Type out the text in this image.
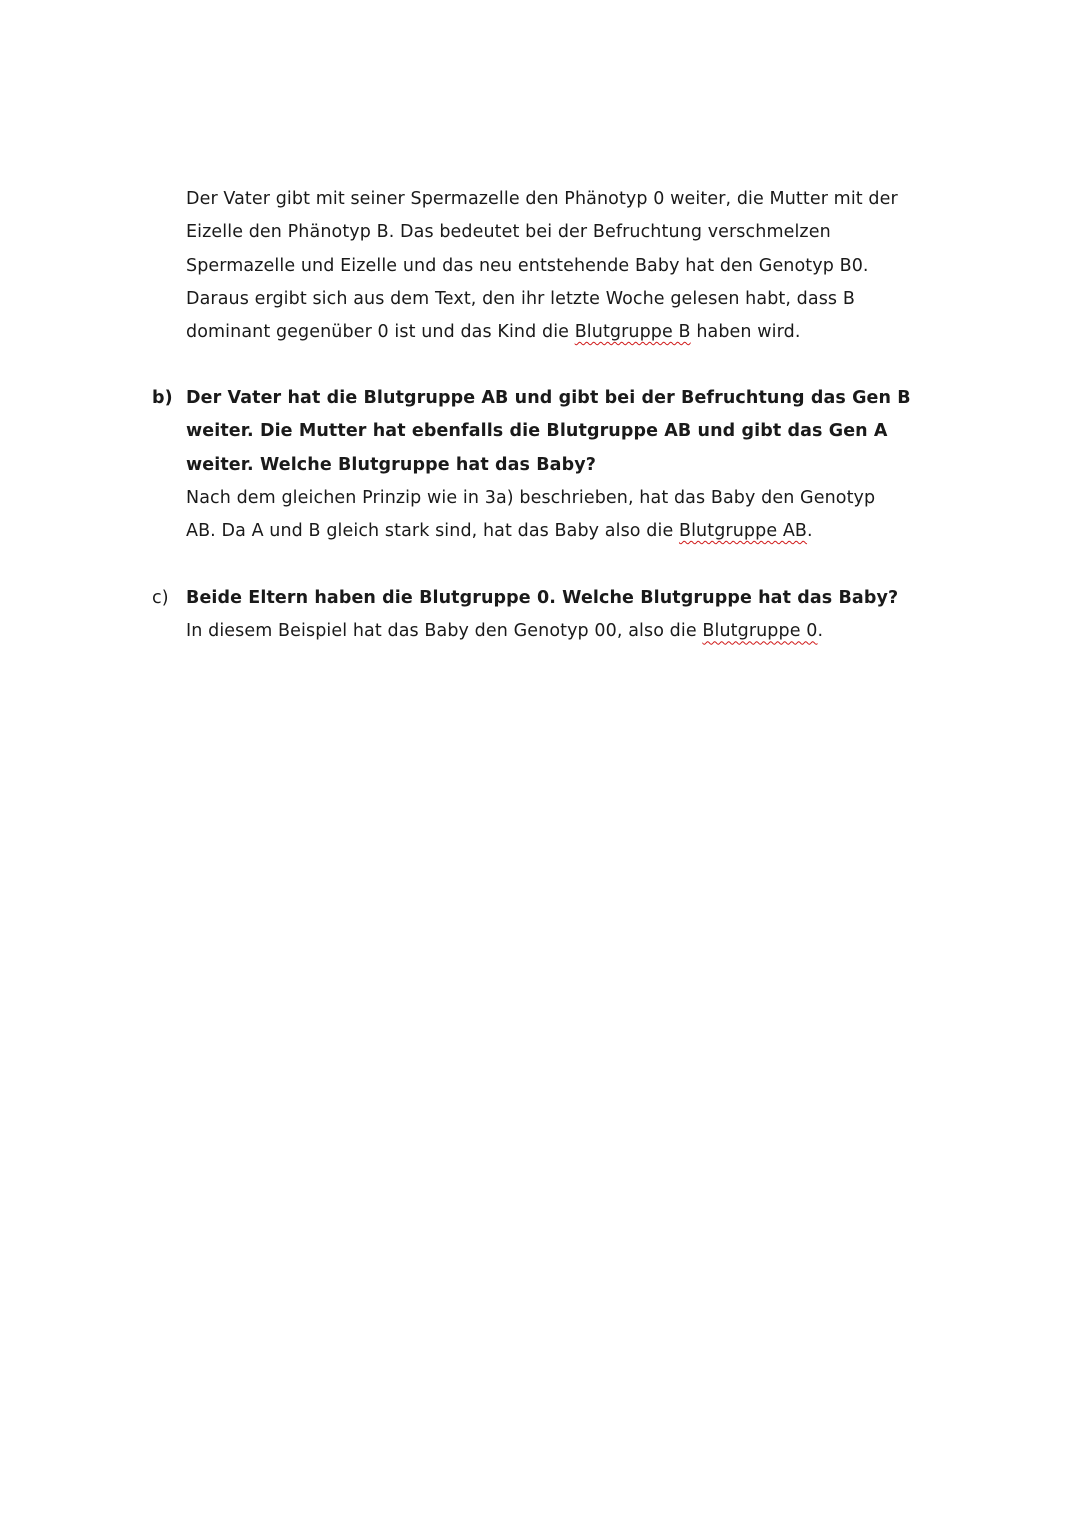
Der Vater gibt mit seiner Spermazelle den Phänotyp 0 weiter, die Mutter mit der
Eizelle den Phänotyp B. Das bedeutet bei der Befruchtung verschmelzen
Spermazelle und Eizelle und das neu entstehende Baby hat den Genotyp B0.
Daraus ergibt sich aus dem Text, den ihr letzte Woche gelesen habt, dass B
dominant gegenüber 0 ist und das Kind die Blutgruppe B haben wird.
b) Der Vater hat die Blutgruppe AB und gibt bei der Befruchtung das Gen B
weiter. Die Mutter hat ebenfalls die Blutgruppe AB und gibt das Gen A
weiter. Welche Blutgruppe hat das Baby?
Nach dem gleichen Prinzip wie in 3a) beschrieben, hat das Baby den Genotyp
AB. Da A und B gleich stark sind, hat das Baby also die Blutgruppe AB.
c) Beide Eltern haben die Blutgruppe 0. Welche Blutgruppe hat das Baby?
In diesem Beispiel hat das Baby den Genotyp 00, also die Blutgruppe 0.
